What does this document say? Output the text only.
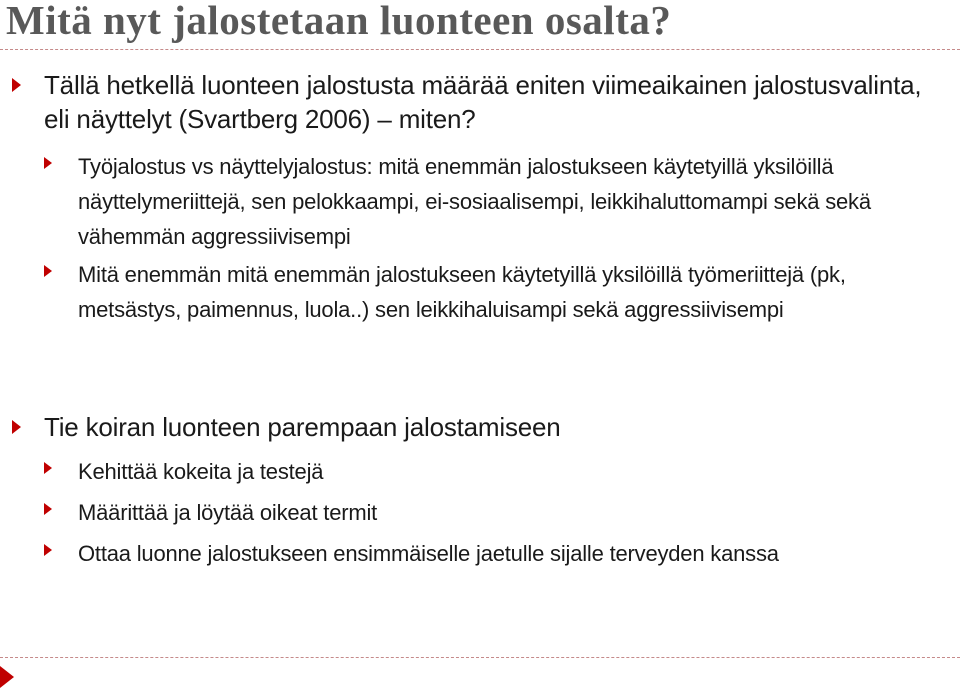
Mitä nyt jalostetaan luonteen osalta?
Tällä hetkellä luonteen jalostusta määrää eniten viimeaikainen jalostusvalinta, eli näyttelyt (Svartberg 2006) – miten?
Työjalostus vs näyttelyjalostus: mitä enemmän jalostukseen käytetyillä yksilöillä näyttelymeriittejä, sen pelokkaampi, ei-sosiaalisempi, leikkihaluttomampi sekä sekä vähemmän aggressiivisempi
Mitä enemmän mitä enemmän jalostukseen käytetyillä yksilöillä työmeriittejä (pk, metsästys, paimennus, luola..) sen leikkihaluisampi sekä aggressiivisempi
Tie koiran luonteen parempaan jalostamiseen
Kehittää kokeita ja testejä
Määrittää ja löytää oikeat termit
Ottaa luonne jalostukseen ensimmäiselle jaetulle sijalle terveyden kanssa
